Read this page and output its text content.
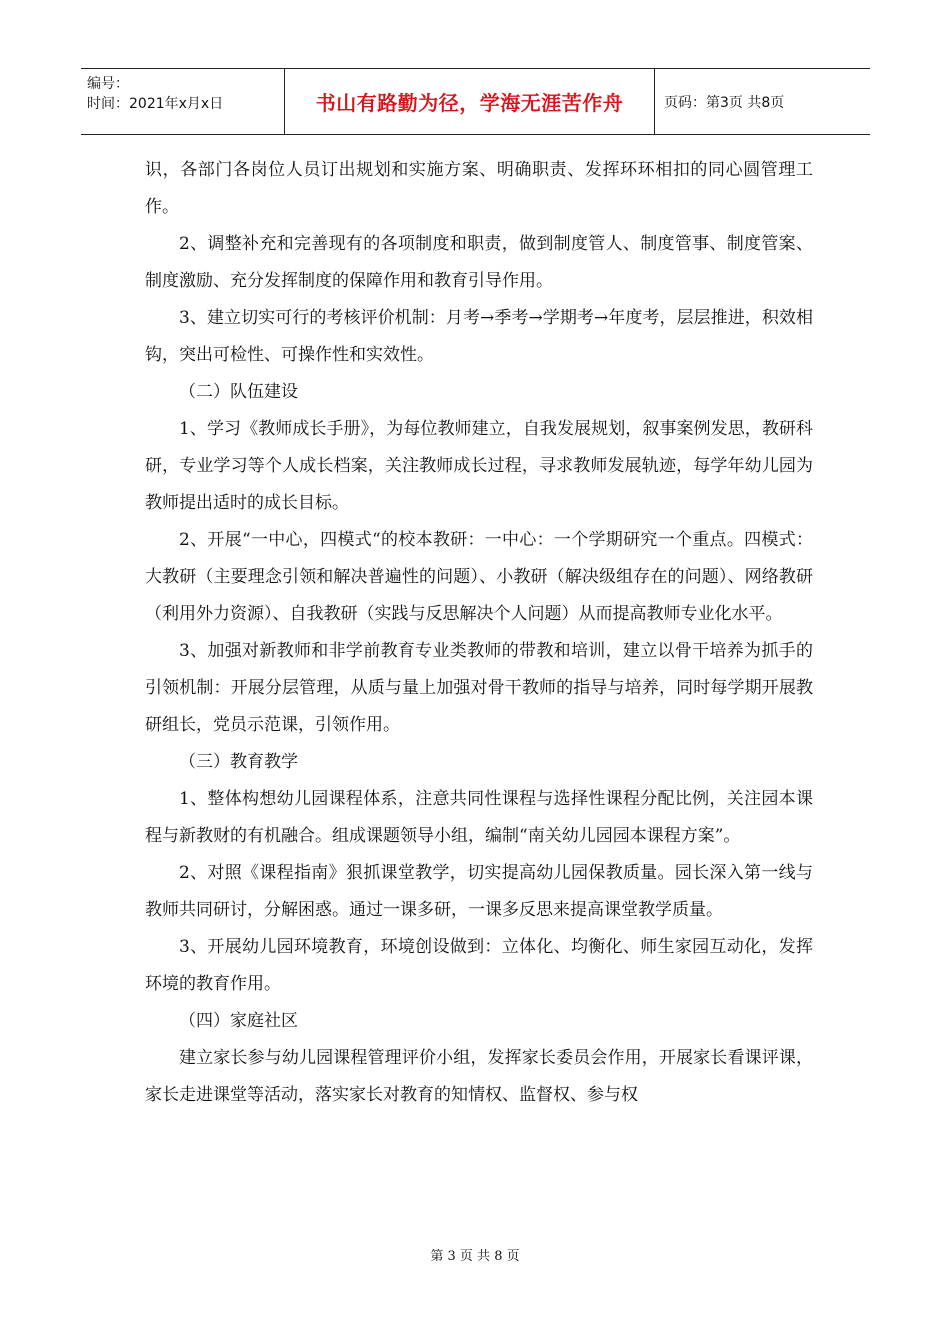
编号：
时间：2021年x月x日	书山有路勤为径，学海无涯苦作舟	页码：第3页 共8页

识，各部门各岗位人员订出规划和实施方案、明确职责、发挥环环相扣的同心圆管理工作。

2、调整补充和完善现有的各项制度和职责，做到制度管人、制度管事、制度管案、制度激励、充分发挥制度的保障作用和教育引导作用。

3、建立切实可行的考核评价机制：月考→季考→学期考→年度考，层层推进，积效相钩，突出可检性、可操作性和实效性。

（二）队伍建设

1、学习《教师成长手册》，为每位教师建立，自我发展规划，叙事案例发思，教研科研，专业学习等个人成长档案，关注教师成长过程，寻求教师发展轨迹，每学年幼儿园为教师提出适时的成长目标。

2、开展“一中心，四模式“的校本教研：一中心：一个学期研究一个重点。四模式：大教研（主要理念引领和解决普遍性的问题）、小教研（解决级组存在的问题）、网络教研（利用外力资源）、自我教研（实践与反思解决个人问题）从而提高教师专业化水平。

3、加强对新教师和非学前教育专业类教师的带教和培训，建立以骨干培养为抓手的引领机制：开展分层管理，从质与量上加强对骨干教师的指导与培养，同时每学期开展教研组长，党员示范课，引领作用。

（三）教育教学

1、整体构想幼儿园课程体系，注意共同性课程与选择性课程分配比例，关注园本课程与新教财的有机融合。组成课题领导小组，编制“南关幼儿园园本课程方案”。

2、对照《课程指南》狠抓课堂教学，切实提高幼儿园保教质量。园长深入第一线与教师共同研讨，分解困惑。通过一课多研，一课多反思来提高课堂教学质量。

3、开展幼儿园环境教育，环境创设做到：立体化、均衡化、师生家园互动化，发挥环境的教育作用。

（四）家庭社区

建立家长参与幼儿园课程管理评价小组，发挥家长委员会作用，开展家长看课评课，家长走进课堂等活动，落实家长对教育的知情权、监督权、参与权

第 3 页 共 8 页
